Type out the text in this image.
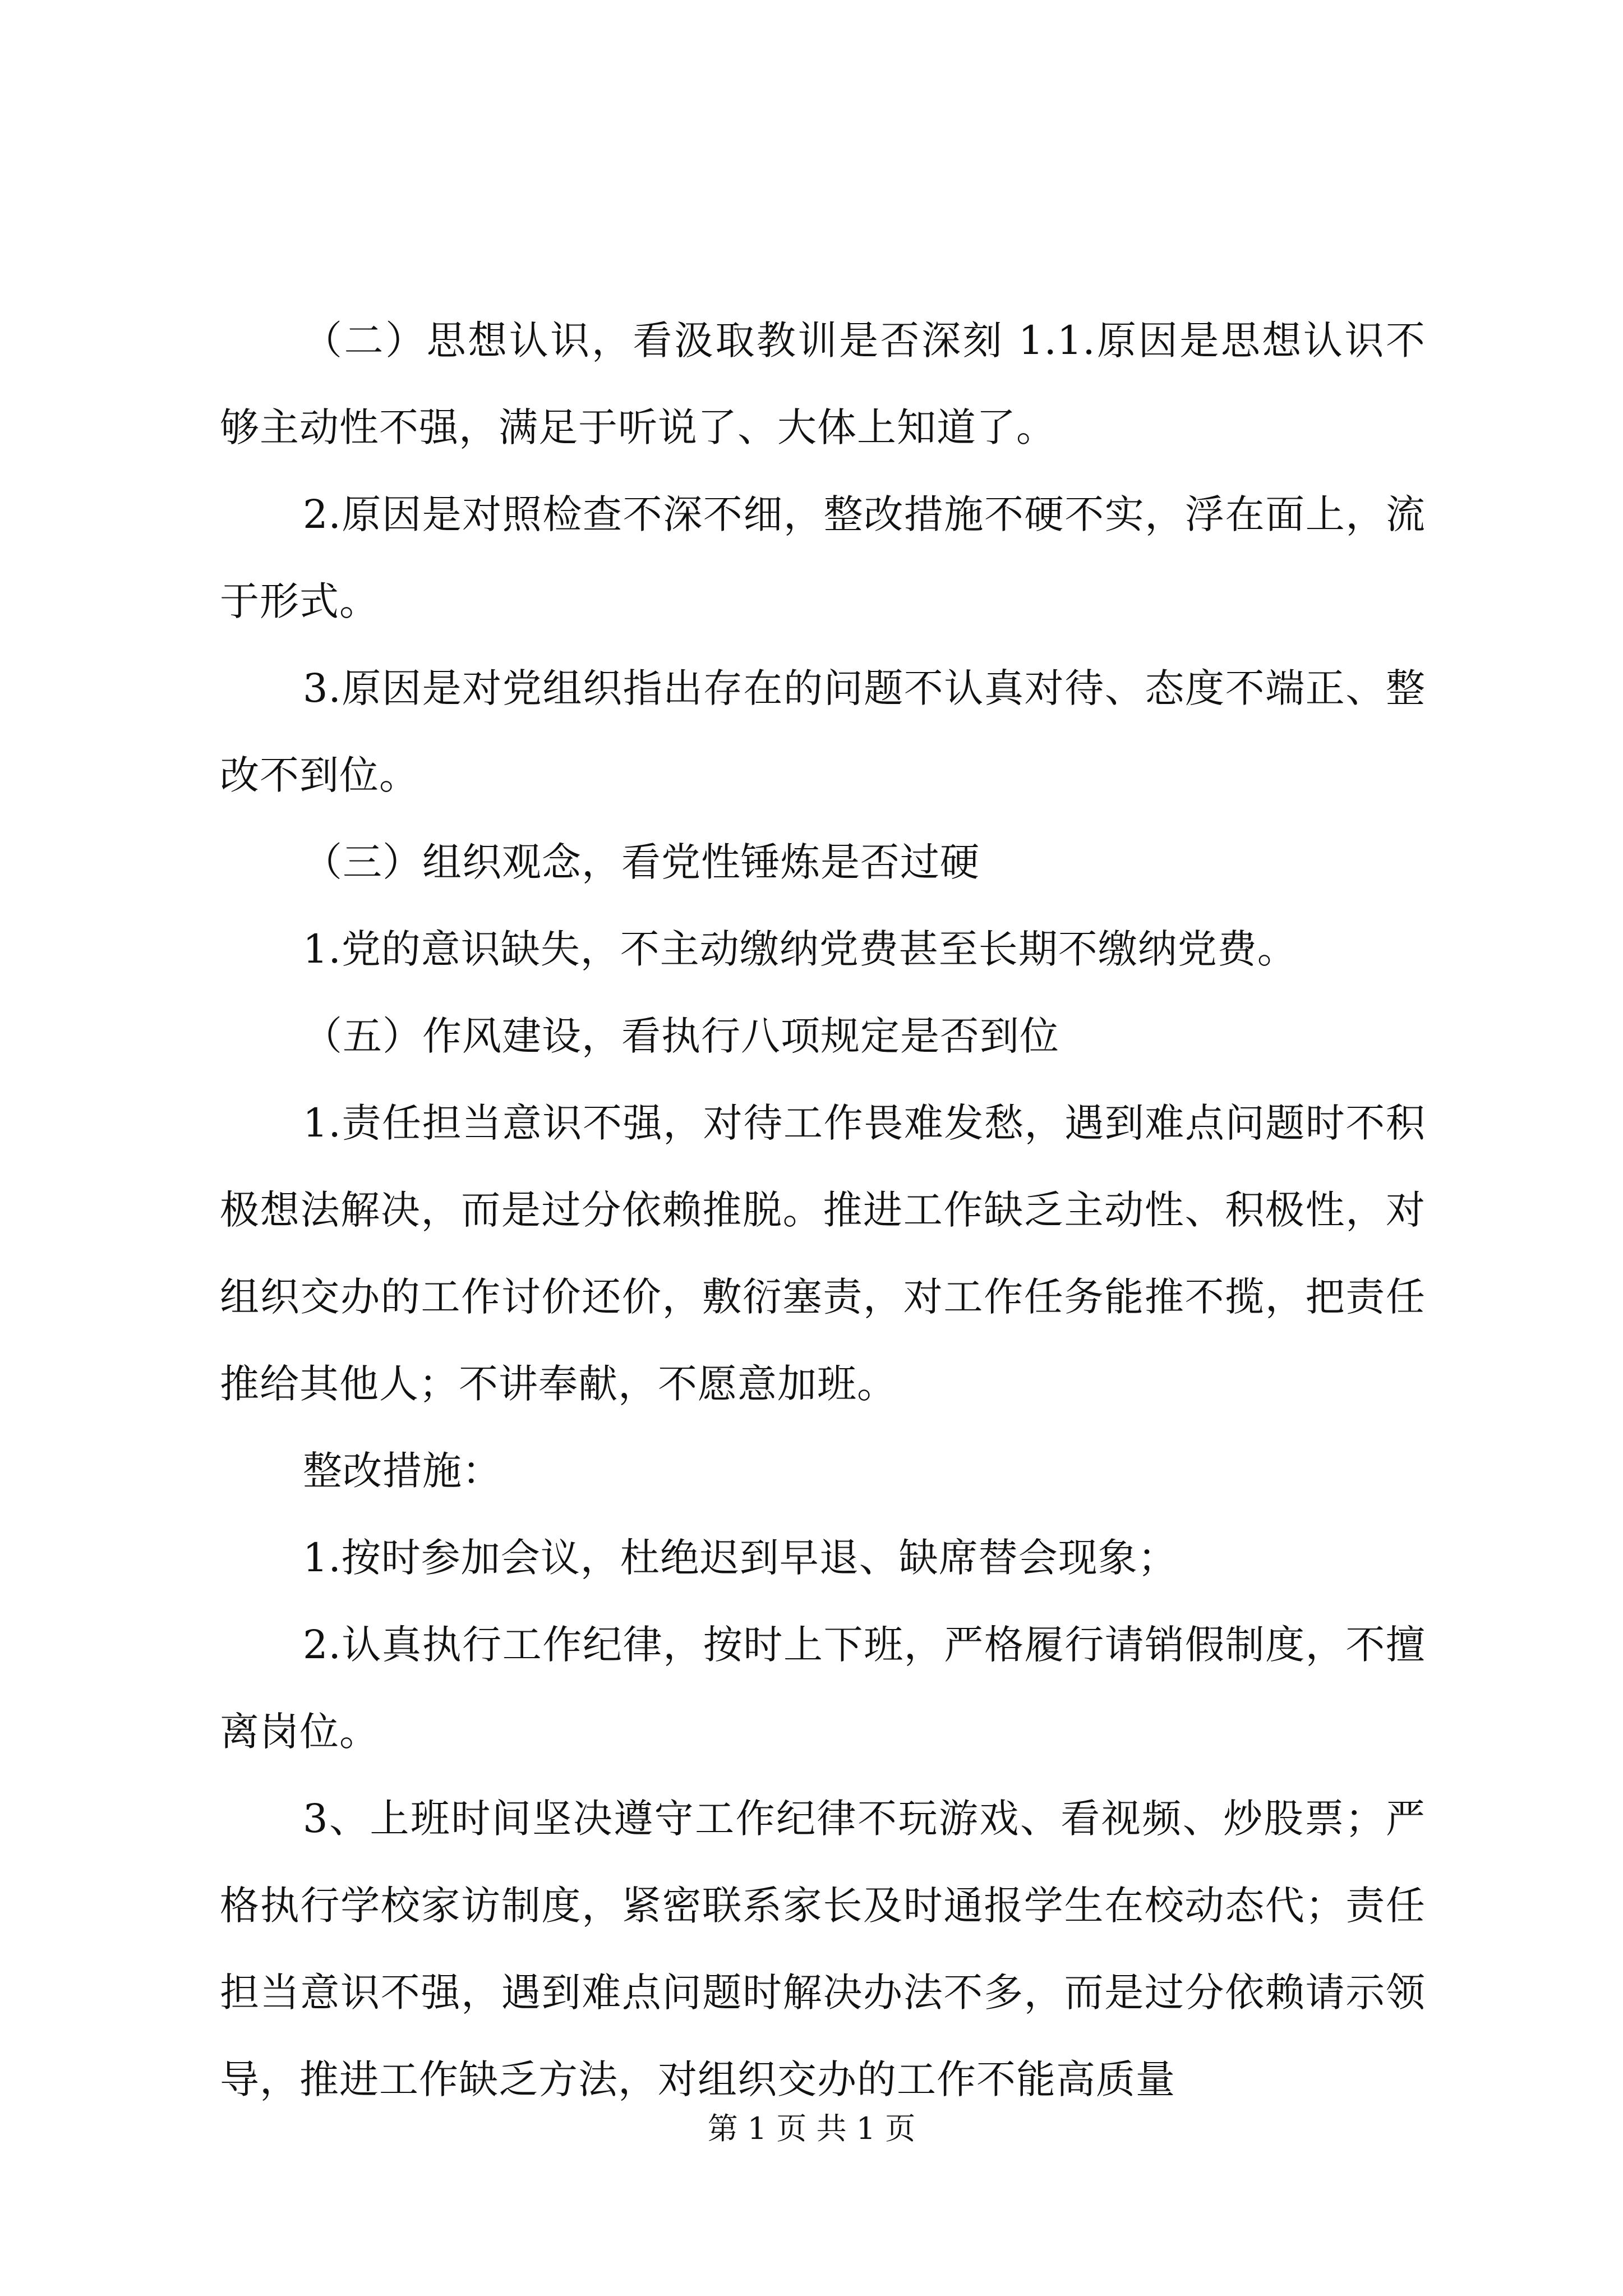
（二）思想认识，看汲取教训是否深刻 1.1.原因是思想认识不够主动性不强，满足于听说了、大体上知道了。

2.原因是对照检查不深不细，整改措施不硬不实，浮在面上，流于形式。

3.原因是对党组织指出存在的问题不认真对待、态度不端正、整改不到位。

（三）组织观念，看党性锤炼是否过硬

1.党的意识缺失，不主动缴纳党费甚至长期不缴纳党费。

（五）作风建设，看执行八项规定是否到位

1.责任担当意识不强，对待工作畏难发愁，遇到难点问题时不积极想法解决，而是过分依赖推脱。推进工作缺乏主动性、积极性，对组织交办的工作讨价还价，敷衍塞责，对工作任务能推不揽，把责任推给其他人；不讲奉献，不愿意加班。

整改措施：

1.按时参加会议，杜绝迟到早退、缺席替会现象；

2.认真执行工作纪律，按时上下班，严格履行请销假制度，不擅离岗位。

3、上班时间坚决遵守工作纪律不玩游戏、看视频、炒股票；严格执行学校家访制度，紧密联系家长及时通报学生在校动态代；责任担当意识不强，遇到难点问题时解决办法不多，而是过分依赖请示领导，推进工作缺乏方法，对组织交办的工作不能高质量

第 1 页 共 1 页
